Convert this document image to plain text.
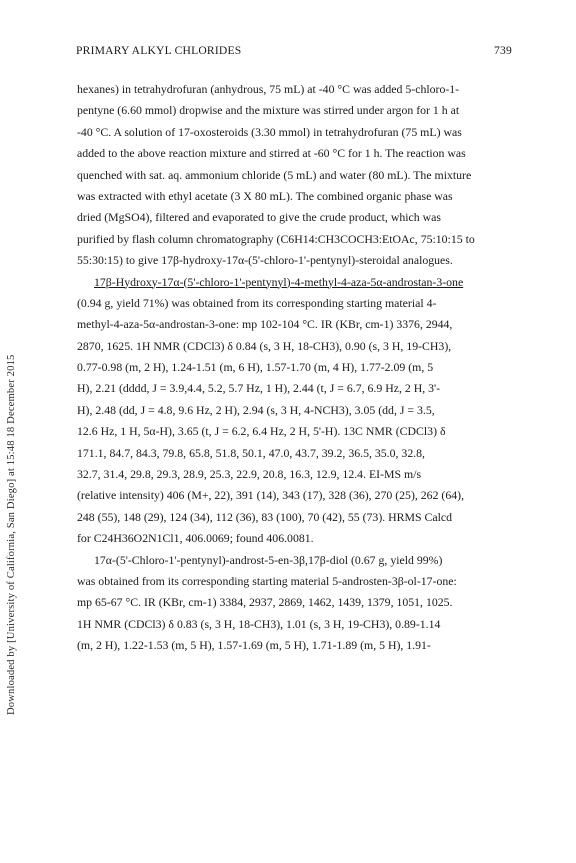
PRIMARY ALKYL CHLORIDES	739
Downloaded by [University of California, San Diego] at 15:48 18 December 2015
hexanes) in tetrahydrofuran (anhydrous, 75 mL) at -40 °C was added 5-chloro-1-
pentyne (6.60 mmol) dropwise and the mixture was stirred under argon for 1 h at
-40 °C. A solution of 17-oxosteroids (3.30 mmol) in tetrahydrofuran (75 mL) was
added to the above reaction mixture and stirred at -60 °C for 1 h. The reaction was
quenched with sat. aq. ammonium chloride (5 mL) and water (80 mL). The mixture
was extracted with ethyl acetate (3 X 80 mL). The combined organic phase was
dried (MgSO4), filtered and evaporated to give the crude product, which was
purified by flash column chromatography (C6H14:CH3COCH3:EtOAc, 75:10:15 to
55:30:15) to give 17β-hydroxy-17α-(5'-chloro-1'-pentynyl)-steroidal analogues.
17β-Hydroxy-17α-(5'-chloro-1'-pentynyl)-4-methyl-4-aza-5α-androstan-3-one
(0.94 g, yield 71%) was obtained from its corresponding starting material 4-
methyl-4-aza-5α-androstan-3-one: mp 102-104 °C. IR (KBr, cm-1) 3376, 2944,
2870, 1625. 1H NMR (CDCl3) δ 0.84 (s, 3 H, 18-CH3), 0.90 (s, 3 H, 19-CH3),
0.77-0.98 (m, 2 H), 1.24-1.51 (m, 6 H), 1.57-1.70 (m, 4 H), 1.77-2.09 (m, 5
H), 2.21 (dddd, J = 3.9,4.4, 5.2, 5.7 Hz, 1 H), 2.44 (t, J = 6.7, 6.9 Hz, 2 H, 3'-
H), 2.48 (dd, J = 4.8, 9.6 Hz, 2 H), 2.94 (s, 3 H, 4-NCH3), 3.05 (dd, J = 3.5,
12.6 Hz, 1 H, 5α-H), 3.65 (t, J = 6.2, 6.4 Hz, 2 H, 5'-H). 13C NMR (CDCl3) δ
171.1, 84.7, 84.3, 79.8, 65.8, 51.8, 50.1, 47.0, 43.7, 39.2, 36.5, 35.0, 32.8,
32.7, 31.4, 29.8, 29.3, 28.9, 25.3, 22.9, 20.8, 16.3, 12.9, 12.4. EI-MS m/s
(relative intensity) 406 (M+, 22), 391 (14), 343 (17), 328 (36), 270 (25), 262 (64),
248 (55), 148 (29), 124 (34), 112 (36), 83 (100), 70 (42), 55 (73). HRMS Calcd
for C24H36O2N1Cl1, 406.0069; found 406.0081.
17α-(5'-Chloro-1'-pentynyl)-androst-5-en-3β,17β-diol (0.67 g, yield 99%)
was obtained from its corresponding starting material 5-androsten-3β-ol-17-one:
mp 65-67 °C. IR (KBr, cm-1) 3384, 2937, 2869, 1462, 1439, 1379, 1051, 1025.
1H NMR (CDCl3) δ 0.83 (s, 3 H, 18-CH3), 1.01 (s, 3 H, 19-CH3), 0.89-1.14
(m, 2 H), 1.22-1.53 (m, 5 H), 1.57-1.69 (m, 5 H), 1.71-1.89 (m, 5 H), 1.91-
